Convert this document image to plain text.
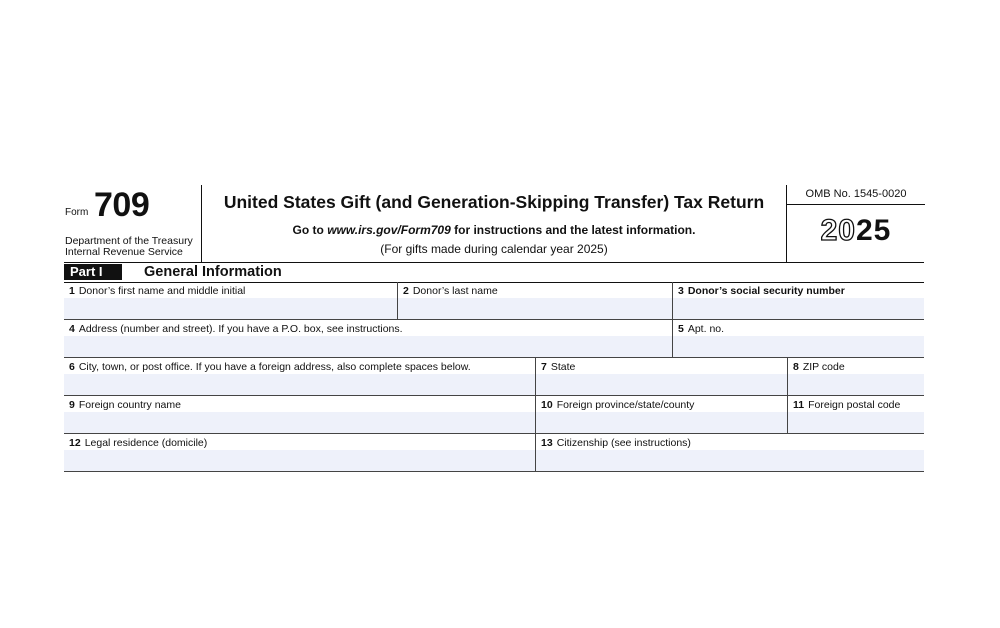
Form 709
Department of the Treasury
Internal Revenue Service
United States Gift (and Generation-Skipping Transfer) Tax Return
Go to www.irs.gov/Form709 for instructions and the latest information.
(For gifts made during calendar year 2025)
OMB No. 1545-0020
2025
Part I	General Information
1 Donor’s first name and middle initial	2 Donor’s last name	3 Donor’s social security number
4 Address (number and street). If you have a P.O. box, see instructions.	5 Apt. no.
6 City, town, or post office. If you have a foreign address, also complete spaces below.	7 State	8 ZIP code
9 Foreign country name	10 Foreign province/state/county	11 Foreign postal code
12 Legal residence (domicile)	13 Citizenship (see instructions)
